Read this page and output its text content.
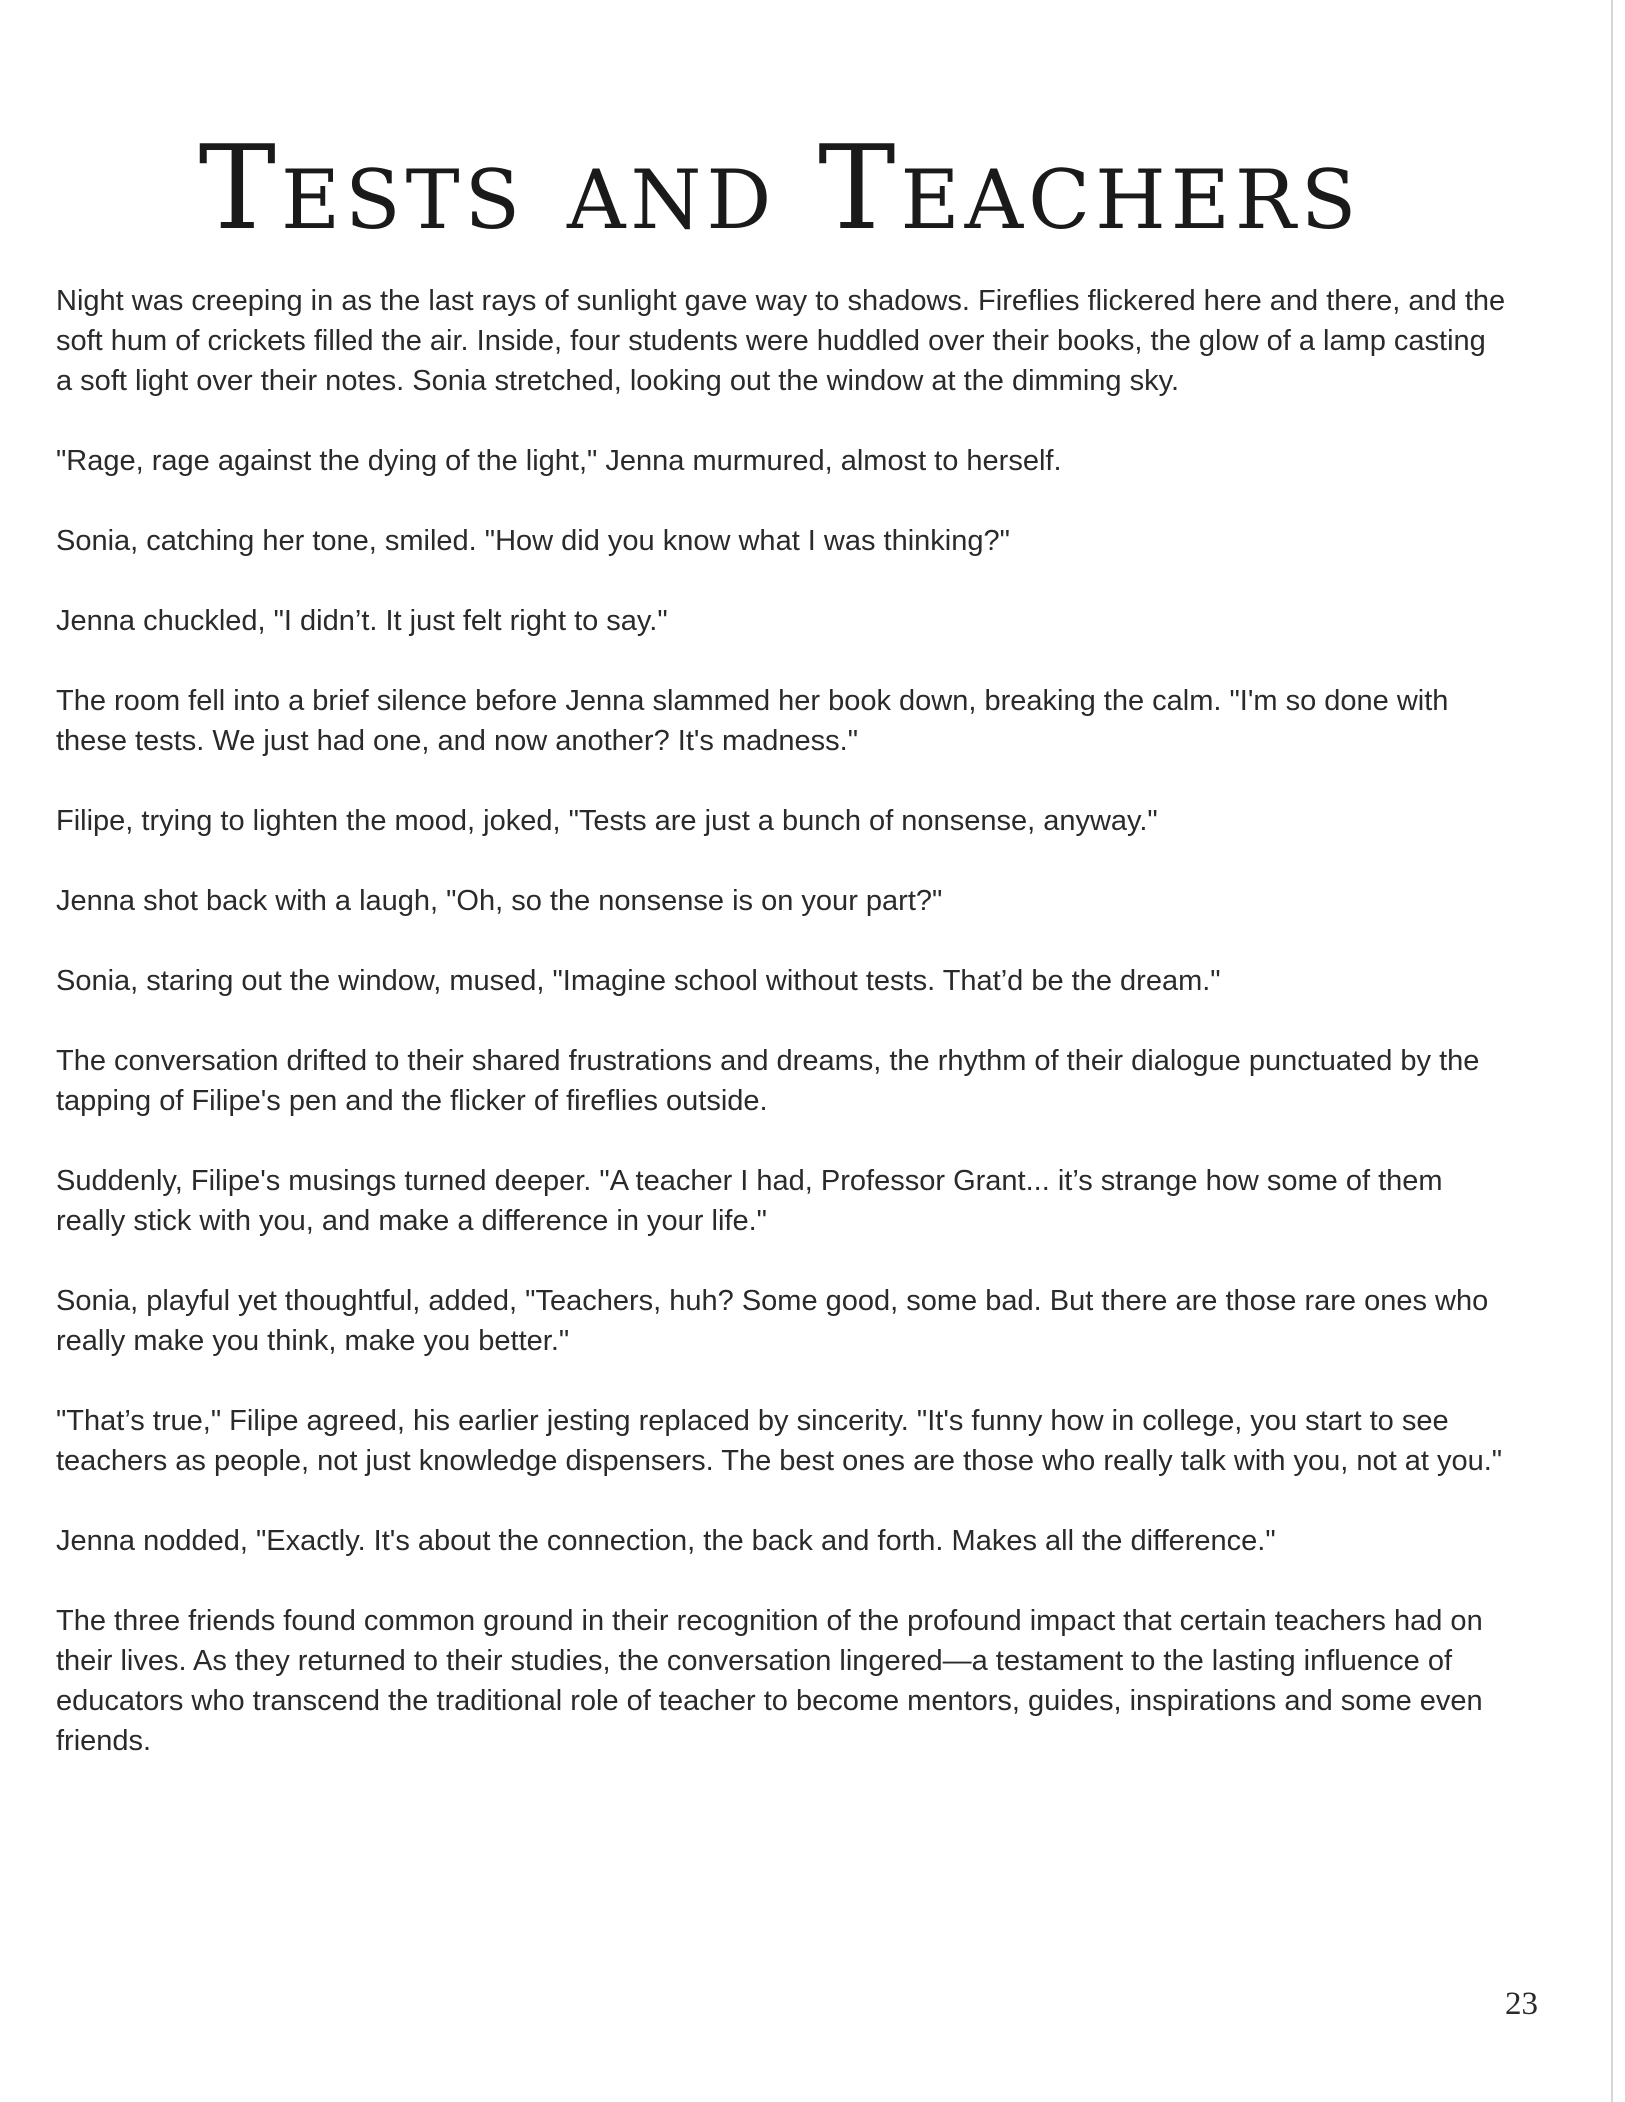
Tests and Teachers

Night was creeping in as the last rays of sunlight gave way to shadows. Fireflies flickered here and there, and the soft hum of crickets filled the air. Inside, four students were huddled over their books, the glow of a lamp casting a soft light over their notes. Sonia stretched, looking out the window at the dimming sky.

"Rage, rage against the dying of the light," Jenna murmured, almost to herself.

Sonia, catching her tone, smiled. "How did you know what I was thinking?"

Jenna chuckled, "I didn’t. It just felt right to say."

The room fell into a brief silence before Jenna slammed her book down, breaking the calm. "I'm so done with these tests. We just had one, and now another? It's madness."

Filipe, trying to lighten the mood, joked, "Tests are just a bunch of nonsense, anyway."

Jenna shot back with a laugh, "Oh, so the nonsense is on your part?"

Sonia, staring out the window, mused, "Imagine school without tests. That’d be the dream."

The conversation drifted to their shared frustrations and dreams, the rhythm of their dialogue punctuated by the tapping of Filipe's pen and the flicker of fireflies outside.

Suddenly, Filipe's musings turned deeper. "A teacher I had, Professor Grant... it’s strange how some of them really stick with you, and make a difference in your life."

Sonia, playful yet thoughtful, added, "Teachers, huh? Some good, some bad. But there are those rare ones who really make you think, make you better."

"That’s true," Filipe agreed, his earlier jesting replaced by sincerity. "It's funny how in college, you start to see teachers as people, not just knowledge dispensers. The best ones are those who really talk with you, not at you."

Jenna nodded, "Exactly. It's about the connection, the back and forth. Makes all the difference."

The three friends found common ground in their recognition of the profound impact that certain teachers had on their lives. As they returned to their studies, the conversation lingered—a testament to the lasting influence of educators who transcend the traditional role of teacher to become mentors, guides, inspirations and some even friends.

23
